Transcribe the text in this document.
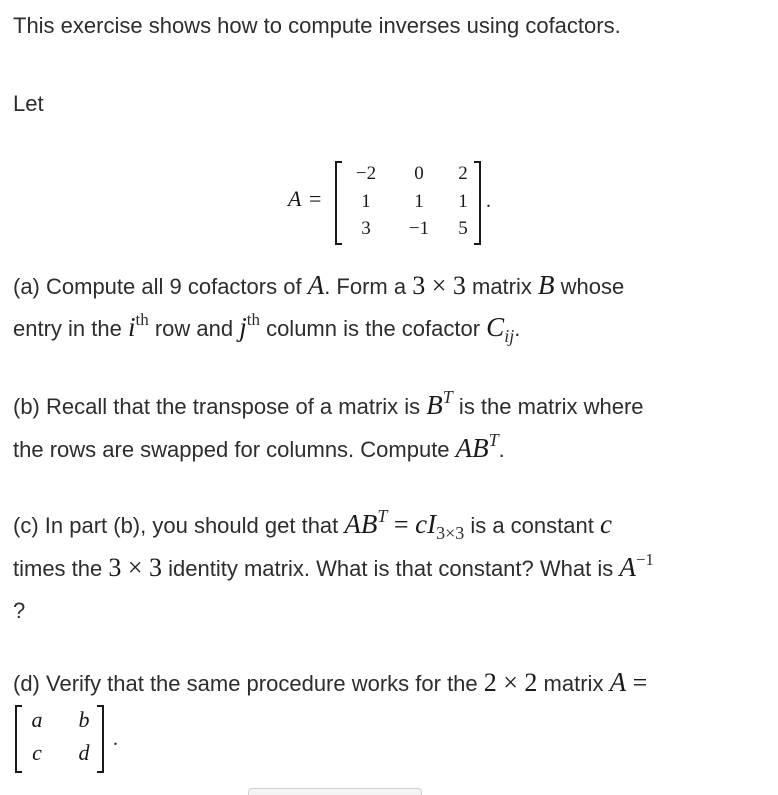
This exercise shows how to compute inverses using cofactors.

Let

A =
−2	0	2
1	1	1
3	−1	5
.

(a) Compute all 9 cofactors of A. Form a 3 × 3 matrix B whose
entry in the $i^{th}$ row and $j^{th}$ column is the cofactor $C_{ij}$.

(b) Recall that the transpose of a matrix is $B^T$ is the matrix where
the rows are swapped for columns. Compute $AB^T$.

(c) In part (b), you should get that $AB^T = cI_{3\times 3}$ is a constant c
times the 3 × 3 identity matrix. What is that constant? What is $A^{-1}$
?

(d) Verify that the same procedure works for the 2 × 2 matrix A =

a	b
c	d
.
